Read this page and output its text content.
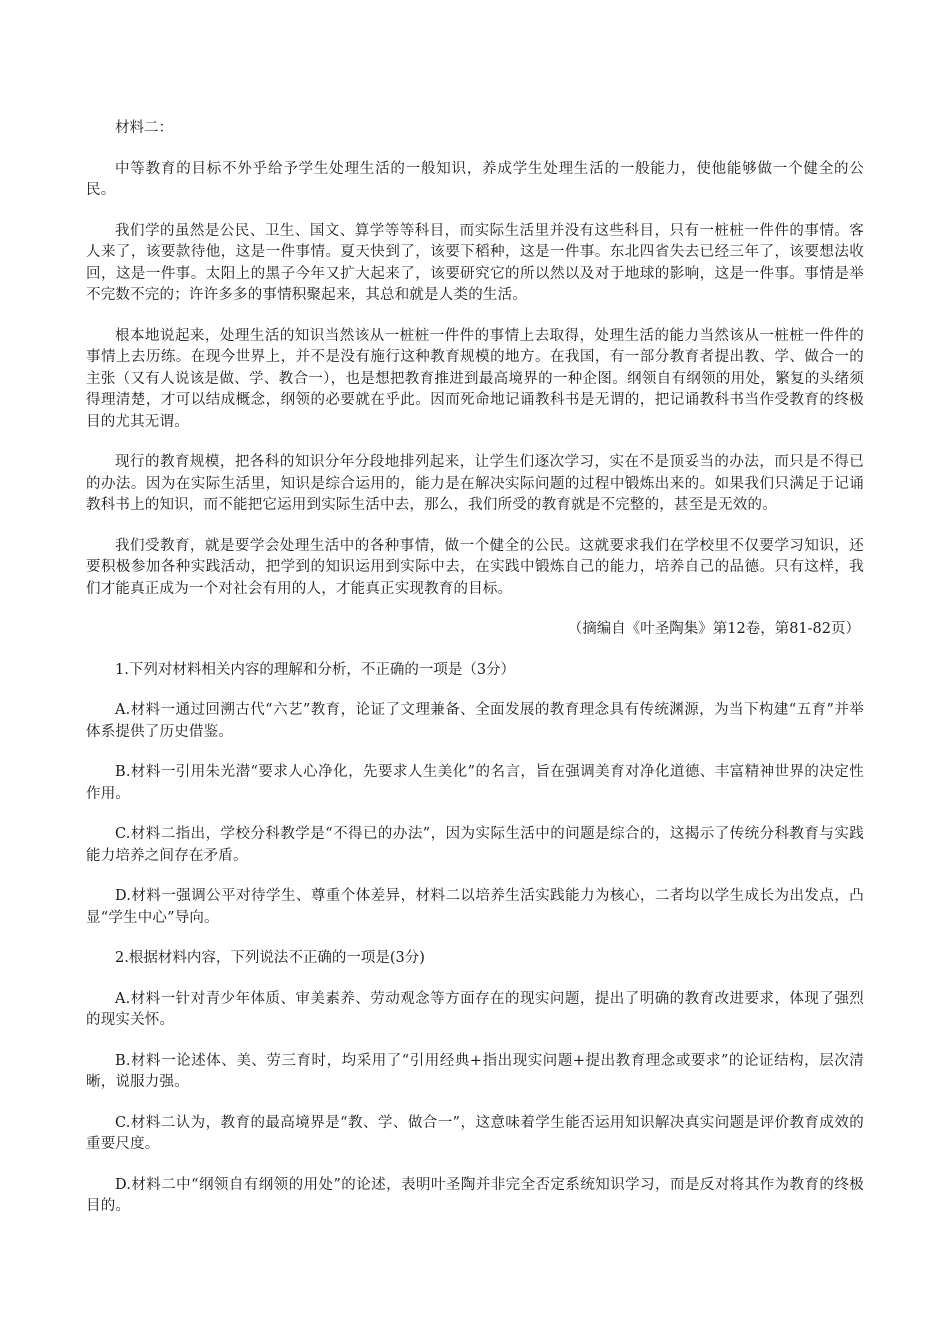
材料二：

中等教育的目标不外乎给予学生处理生活的一般知识，养成学生处理生活的一般能力，使他能够做一个健全的公民。

我们学的虽然是公民、卫生、国文、算学等等科目，而实际生活里并没有这些科目，只有一桩桩一件件的事情。客人来了，该要款待他，这是一件事情。夏天快到了，该要下稻种，这是一件事。东北四省失去已经三年了，该要想法收回，这是一件事。太阳上的黑子今年又扩大起来了，该要研究它的所以然以及对于地球的影响，这是一件事。事情是举不完数不完的；许许多多的事情积聚起来，其总和就是人类的生活。

根本地说起来，处理生活的知识当然该从一桩桩一件件的事情上去取得，处理生活的能力当然该从一桩桩一件件的事情上去历练。在现今世界上，并不是没有施行这种教育规模的地方。在我国，有一部分教育者提出教、学、做合一的主张（又有人说该是做、学、教合一），也是想把教育推进到最高境界的一种企图。纲领自有纲领的用处，繁复的头绪须得理清楚，才可以结成概念，纲领的必要就在乎此。因而死命地记诵教科书是无谓的，把记诵教科书当作受教育的终极目的尤其无谓。

现行的教育规模，把各科的知识分年分段地排列起来，让学生们逐次学习，实在不是顶妥当的办法，而只是不得已的办法。因为在实际生活里，知识是综合运用的，能力是在解决实际问题的过程中锻炼出来的。如果我们只满足于记诵教科书上的知识，而不能把它运用到实际生活中去，那么，我们所受的教育就是不完整的，甚至是无效的。

我们受教育，就是要学会处理生活中的各种事情，做一个健全的公民。这就要求我们在学校里不仅要学习知识，还要积极参加各种实践活动，把学到的知识运用到实际中去，在实践中锻炼自己的能力，培养自己的品德。只有这样，我们才能真正成为一个对社会有用的人，才能真正实现教育的目标。

（摘编自《叶圣陶集》第12卷，第81-82页）

1.下列对材料相关内容的理解和分析，不正确的一项是（3分）

A.材料一通过回溯古代“六艺”教育，论证了文理兼备、全面发展的教育理念具有传统渊源，为当下构建“五育”并举体系提供了历史借鉴。

B.材料一引用朱光潜“要求人心净化，先要求人生美化”的名言，旨在强调美育对净化道德、丰富精神世界的决定性作用。

C.材料二指出，学校分科教学是“不得已的办法”，因为实际生活中的问题是综合的，这揭示了传统分科教育与实践能力培养之间存在矛盾。

D.材料一强调公平对待学生、尊重个体差异，材料二以培养生活实践能力为核心，二者均以学生成长为出发点，凸显“学生中心”导向。

2.根据材料内容，下列说法不正确的一项是(3分)

A.材料一针对青少年体质、审美素养、劳动观念等方面存在的现实问题，提出了明确的教育改进要求，体现了强烈的现实关怀。

B.材料一论述体、美、劳三育时，均采用了“引用经典+指出现实问题+提出教育理念或要求”的论证结构，层次清晰，说服力强。

C.材料二认为，教育的最高境界是“教、学、做合一”，这意味着学生能否运用知识解决真实问题是评价教育成效的重要尺度。

D.材料二中“纲领自有纲领的用处”的论述，表明叶圣陶并非完全否定系统知识学习，而是反对将其作为教育的终极目的。
